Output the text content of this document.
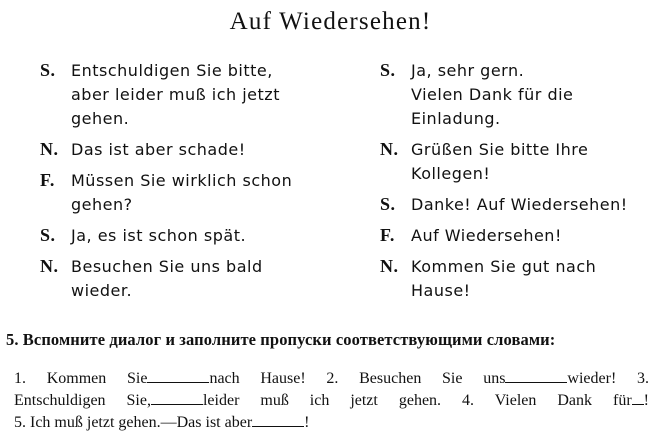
Auf Wiedersehen!
S. Entschuldigen Sie bitte,
aber leider muß ich jetzt
gehen.
N. Das ist aber schade!
F.	Müssen Sie wirklich schon
gehen?
S. Ja, es ist schon spät.
N. Besuchen Sie uns bald
wieder.
S. Ja, sehr gern.
Vielen Dank für die
Einladung.
N. Grüßen Sie bitte Ihre
Kollegen!
S. Danke! Auf Wiedersehen!
F.	Auf Wiedersehen!
N. Kommen Sie gut nach
Hause!
5. Вспомните диалог и заполните пропуски соответствующими словами:
1. Kommen Sie	nach Hause! 2. Besuchen Sie uns	wieder! 3.
Entschuldigen Sie,	leider muß ich jetzt gehen. 4. Vielen Dank für !
5. Ich muß jetzt gehen.—Das ist aber	!
